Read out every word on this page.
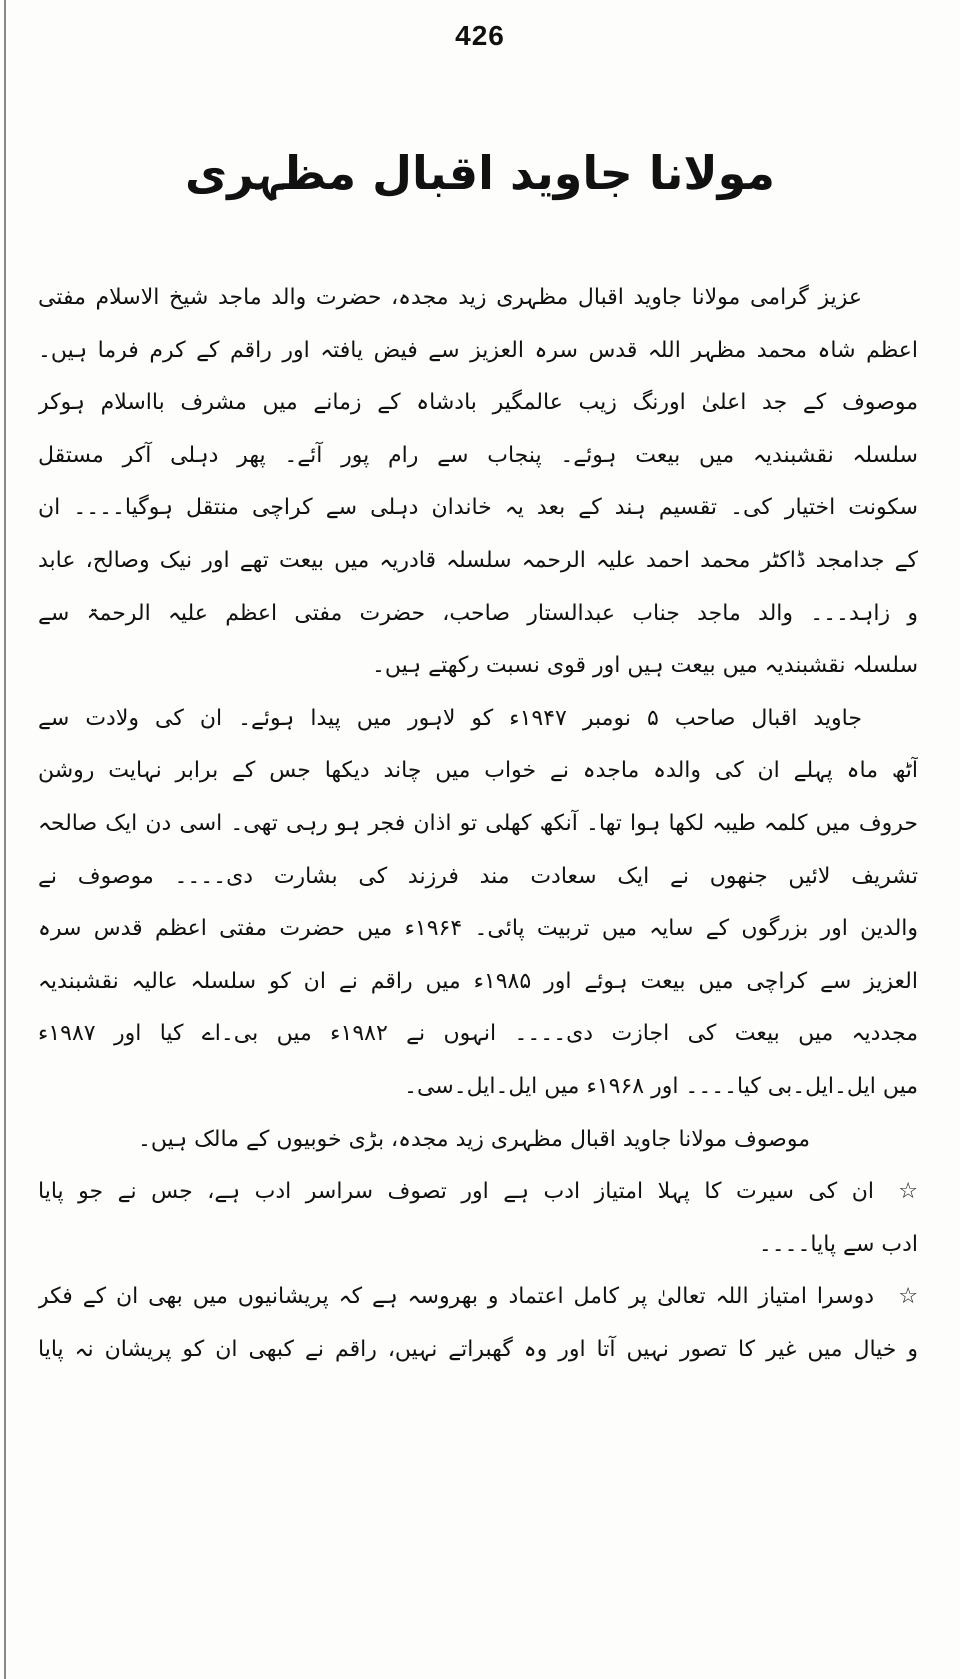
426
مولانا جاوید اقبال مظہری
عزیز گرامی مولانا جاوید اقبال مظہری زید مجدہ، حضرت والد ماجد شیخ الاسلام مفتی
اعظم شاہ محمد مظہر اللہ قدس سرہ العزیز سے فیض یافتہ اور راقم کے کرم فرما ہیں۔
موصوف کے جد اعلیٰ اورنگ زیب عالمگیر بادشاہ کے زمانے میں مشرف بااسلام ہوکر
سلسلہ نقشبندیہ میں بیعت ہوئے۔ پنجاب سے رام پور آئے۔ پھر دہلی آکر مستقل
سکونت اختیار کی۔ تقسیم ہند کے بعد یہ خاندان دہلی سے کراچی منتقل ہوگیا۔۔۔۔ ان
کے جدامجد ڈاکٹر محمد احمد علیہ الرحمہ سلسلہ قادریہ میں بیعت تھے اور نیک وصالح، عابد
و زاہد۔۔۔ والد ماجد جناب عبدالستار صاحب، حضرت مفتی اعظم علیہ الرحمۃ سے
سلسلہ نقشبندیہ میں بیعت ہیں اور قوی نسبت رکھتے ہیں۔
جاوید اقبال صاحب ۵ نومبر ۱۹۴۷ء کو لاہور میں پیدا ہوئے۔ ان کی ولادت سے
آٹھ ماہ پہلے ان کی والدہ ماجدہ نے خواب میں چاند دیکھا جس کے برابر نہایت روشن
حروف میں کلمہ طیبہ لکھا ہوا تھا۔ آنکھ کھلی تو اذان فجر ہو رہی تھی۔ اسی دن ایک صالحہ
تشریف لائیں جنھوں نے ایک سعادت مند فرزند کی بشارت دی۔۔۔۔ موصوف نے
والدین اور بزرگوں کے سایہ میں تربیت پائی۔ ۱۹۶۴ء میں حضرت مفتی اعظم قدس سرہ
العزیز سے کراچی میں بیعت ہوئے اور ۱۹۸۵ء میں راقم نے ان کو سلسلہ عالیہ نقشبندیہ
مجددیہ میں بیعت کی اجازت دی۔۔۔۔ انہوں نے ۱۹۸۲ء میں بی۔اے کیا اور ۱۹۸۷ء
میں ایل۔ایل۔بی کیا۔۔۔۔ اور ۱۹۶۸ء میں ایل۔ایل۔سی۔
موصوف مولانا جاوید اقبال مظہری زید مجدہ، بڑی خوبیوں کے مالک ہیں۔
☆
ان کی سیرت کا پہلا امتیاز ادب ہے اور تصوف سراسر ادب ہے، جس نے جو پایا
ادب سے پایا۔۔۔۔
☆
دوسرا امتیاز اللہ تعالیٰ پر کامل اعتماد و بھروسہ ہے کہ پریشانیوں میں بھی ان کے فکر
و خیال میں غیر کا تصور نہیں آتا اور وہ گھبراتے نہیں، راقم نے کبھی ان کو پریشان نہ پایا
